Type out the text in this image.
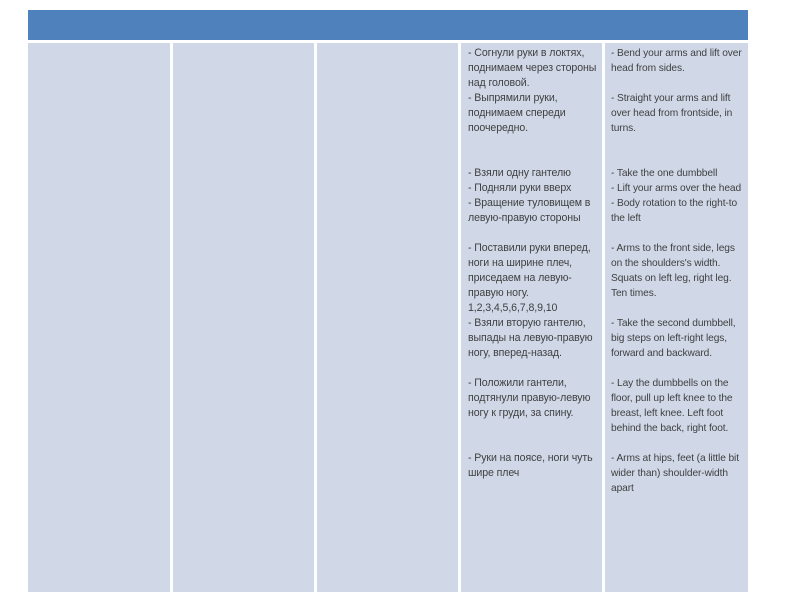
- Согнули руки в локтях, поднимаем через стороны над головой.

- Выпрямили руки, поднимаем спереди поочередно.

- Взяли одну гантелю

- Подняли руки вверх

- Вращение туловищем в левую-правую стороны

- Поставили руки вперед, ноги на ширине плеч, приседаем на левую-правую ногу. 1,2,3,4,5,6,7,8,9,10

- Взяли вторую гантелю, выпады на левую-правую ногу, вперед-назад.

- Положили гантели, подтянули правую-левую ногу к груди, за спину.

- Руки на поясе, ноги чуть шире плеч

- Bend your arms and lift over head from sides.

- Straight your arms and lift over head from frontside, in turns.

- Take the one dumbbell

- Lift your arms over the head

- Body rotation to the right-to the left

- Arms to the front side, legs on the shoulders's width. Squats on left leg, right leg. Ten times.

- Take the second dumbbell, big steps on left-right legs, forward and backward.

- Lay the dumbbells on the floor, pull up left knee to the breast, left knee. Left foot behind the back, right foot.

- Arms at hips, feet (a little bit wider than) shoulder-width apart
